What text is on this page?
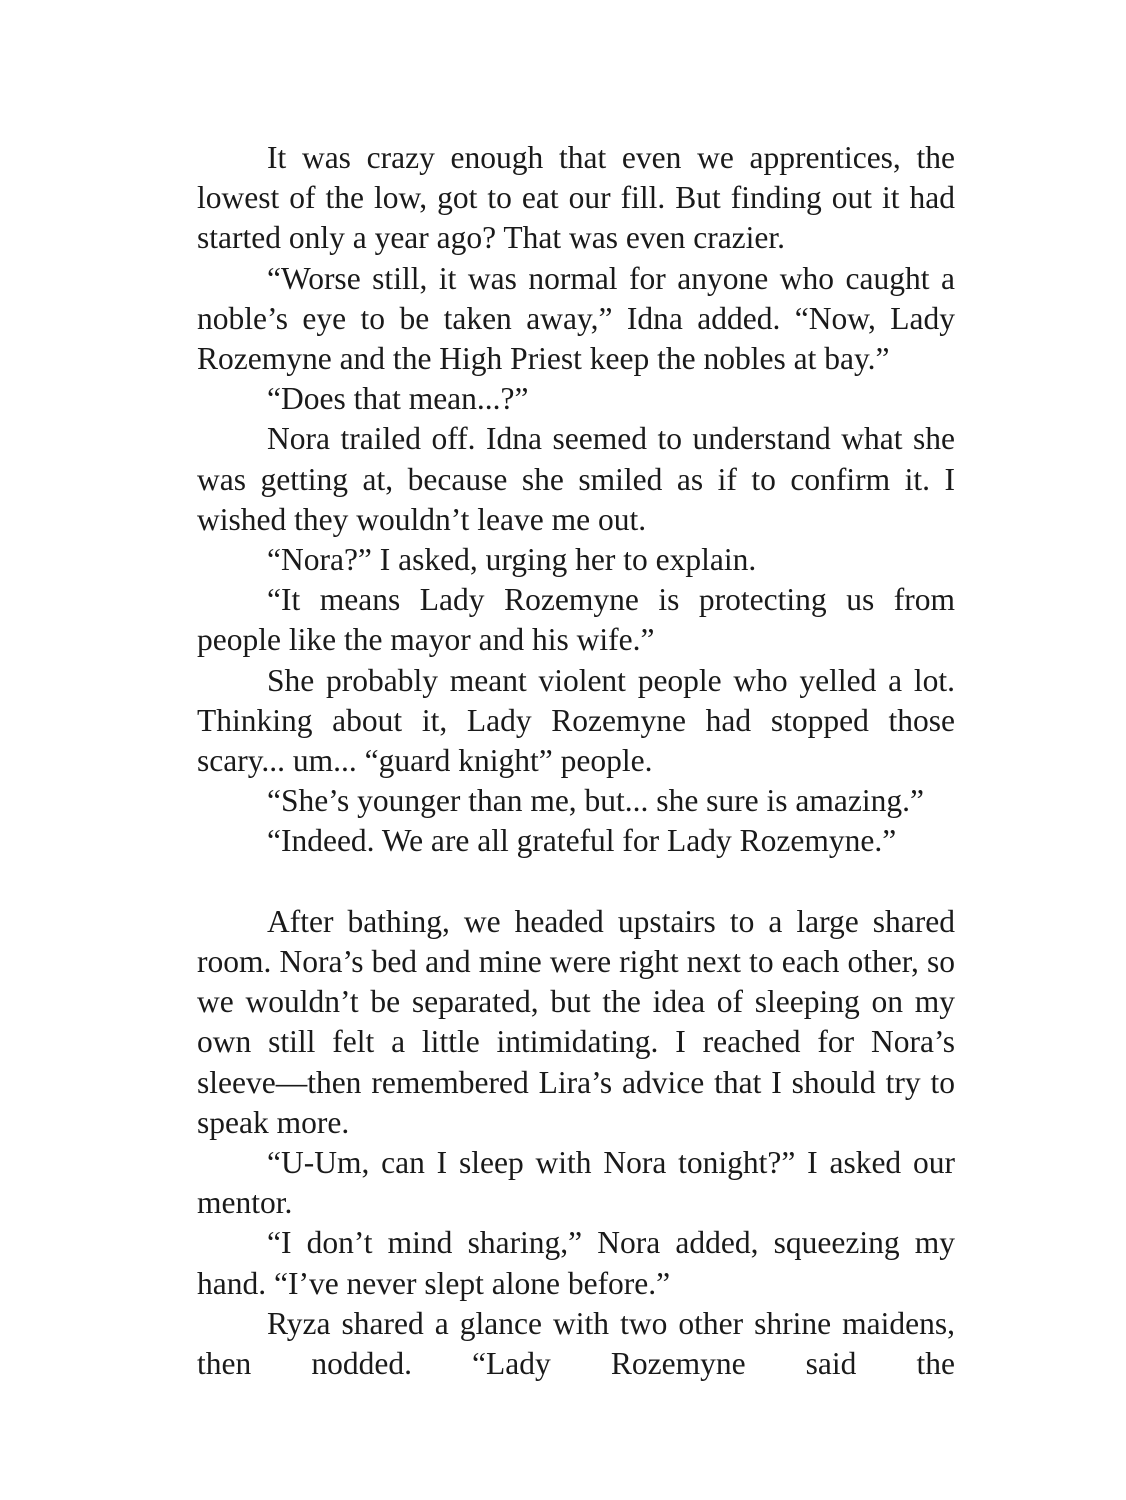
It was crazy enough that even we apprentices, the lowest of the low, got to eat our fill. But finding out it had started only a year ago? That was even crazier.

“Worse still, it was normal for anyone who caught a noble’s eye to be taken away,” Idna added. “Now, Lady Rozemyne and the High Priest keep the nobles at bay.”

“Does that mean...?”

Nora trailed off. Idna seemed to understand what she was getting at, because she smiled as if to confirm it. I wished they wouldn’t leave me out.

“Nora?” I asked, urging her to explain.

“It means Lady Rozemyne is protecting us from people like the mayor and his wife.”

She probably meant violent people who yelled a lot. Thinking about it, Lady Rozemyne had stopped those scary... um... “guard knight” people.

“She’s younger than me, but... she sure is amazing.”

“Indeed. We are all grateful for Lady Rozemyne.”

After bathing, we headed upstairs to a large shared room. Nora’s bed and mine were right next to each other, so we wouldn’t be separated, but the idea of sleeping on my own still felt a little intimidating. I reached for Nora’s sleeve—then remembered Lira’s advice that I should try to speak more.

“U-Um, can I sleep with Nora tonight?” I asked our mentor.

“I don’t mind sharing,” Nora added, squeezing my hand. “I’ve never slept alone before.”

Ryza shared a glance with two other shrine maidens, then nodded. “Lady Rozemyne said the
